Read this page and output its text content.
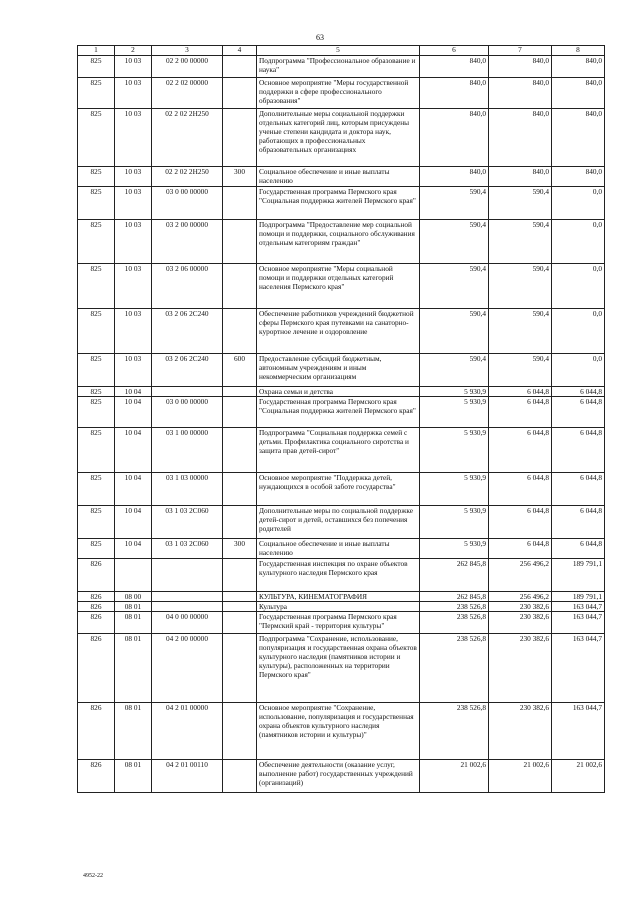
63
1	2	3	4	5	6	7	8
825	10 03	02 2 00 00000		Подпрограмма "Профессиональное образование и наука"	840,0	840,0	840,0
825	10 03	02 2 02 00000		Основное мероприятие "Меры государственной поддержки в сфере профессионального образования"	840,0	840,0	840,0
825	10 03	02 2 02 2Н250		Дополнительные меры социальной поддержки отдельных категорий лиц, которым присуждены ученые степени кандидата и доктора наук, работающих в профессиональных образовательных организациях	840,0	840,0	840,0
825	10 03	02 2 02 2Н250	300	Социальное обеспечение и иные выплаты населению	840,0	840,0	840,0
825	10 03	03 0 00 00000		Государственная программа Пермского края "Социальная поддержка жителей Пермского края"	590,4	590,4	0,0
825	10 03	03 2 00 00000		Подпрограмма "Предоставление мер социальной помощи и поддержки, социального обслуживания отдельным категориям граждан"	590,4	590,4	0,0
825	10 03	03 2 06 00000		Основное мероприятие "Меры социальной помощи и поддержки отдельных категорий населения Пермского края"	590,4	590,4	0,0
825	10 03	03 2 06 2С240		Обеспечение работников учреждений бюджетной сферы Пермского края путевками на санаторно-курортное лечение и оздоровление	590,4	590,4	0,0
825	10 03	03 2 06 2С240	600	Предоставление субсидий бюджетным, автономным учреждениям и иным некоммерческим организациям	590,4	590,4	0,0
825	10 04			Охрана семьи и детства	5 930,9	6 044,8	6 044,8
825	10 04	03 0 00 00000		Государственная программа Пермского края "Социальная поддержка жителей Пермского края"	5 930,9	6 044,8	6 044,8
825	10 04	03 1 00 00000		Подпрограмма "Социальная поддержка семей с детьми. Профилактика социального сиротства и защита прав детей-сирот"	5 930,9	6 044,8	6 044,8
825	10 04	03 1 03 00000		Основное мероприятие "Поддержка детей, нуждающихся в особой заботе государства"	5 930,9	6 044,8	6 044,8
825	10 04	03 1 03 2С060		Дополнительные меры по социальной поддержке детей-сирот и детей, оставшихся без попечения родителей	5 930,9	6 044,8	6 044,8
825	10 04	03 1 03 2С060	300	Социальное обеспечение и иные выплаты населению	5 930,9	6 044,8	6 044,8
826				Государственная инспекция по охране объектов культурного наследия Пермского края	262 845,8	256 496,2	189 791,1
826	08 00			КУЛЬТУРА, КИНЕМАТОГРАФИЯ	262 845,8	256 496,2	189 791,1
826	08 01			Культура	238 526,8	230 382,6	163 044,7
826	08 01	04 0 00 00000		Государственная программа Пермского края "Пермский край - территория культуры"	238 526,8	230 382,6	163 044,7
826	08 01	04 2 00 00000		Подпрограмма "Сохранение, использование, популяризация и государственная охрана объектов культурного наследия (памятников истории и культуры), расположенных на территории Пермского края"	238 526,8	230 382,6	163 044,7
826	08 01	04 2 01 00000		Основное мероприятие "Сохранение, использование, популяризация и государственная охрана объектов культурного наследия (памятников истории и культуры)"	238 526,8	230 382,6	163 044,7
826	08 01	04 2 01 00110		Обеспечение деятельности (оказание услуг, выполнение работ) государственных учреждений (организаций)	21 002,6	21 002,6	21 002,6
4952-22
